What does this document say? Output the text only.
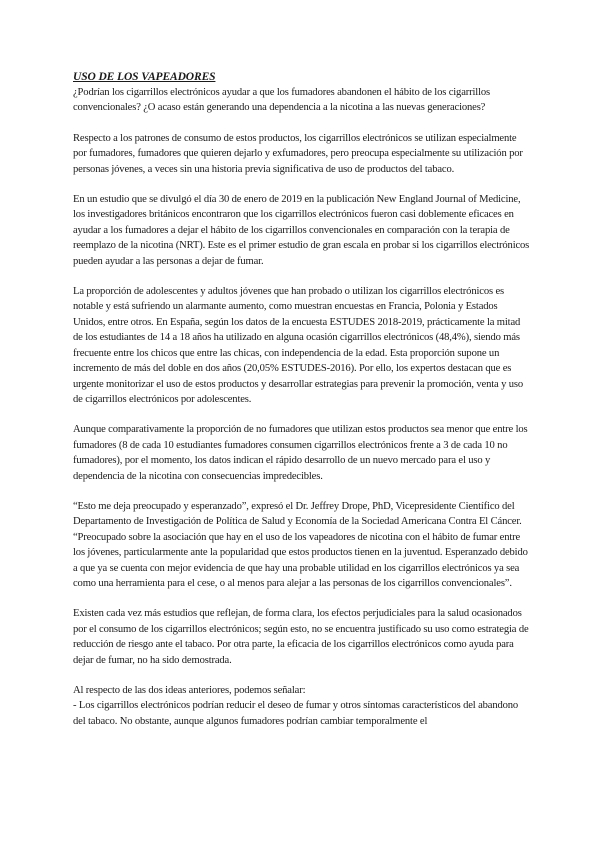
USO DE LOS VAPEADORES

¿Podrían los cigarrillos electrónicos ayudar a que los fumadores abandonen el hábito de los cigarrillos convencionales? ¿O acaso están generando una dependencia a la nicotina a las nuevas generaciones?

Respecto a los patrones de consumo de estos productos, los cigarrillos electrónicos se utilizan especialmente por fumadores, fumadores que quieren dejarlo y exfumadores, pero preocupa especialmente su utilización por personas jóvenes, a veces sin una historia previa significativa de uso de productos del tabaco.

En un estudio que se divulgó el día 30 de enero de 2019 en la publicación New England Journal of Medicine, los investigadores británicos encontraron que los cigarrillos electrónicos fueron casi doblemente eficaces en ayudar a los fumadores a dejar el hábito de los cigarrillos convencionales en comparación con la terapia de reemplazo de la nicotina (NRT). Este es el primer estudio de gran escala en probar si los cigarrillos electrónicos pueden ayudar a las personas a dejar de fumar.

La proporción de adolescentes y adultos jóvenes que han probado o utilizan los cigarrillos electrónicos es notable y está sufriendo un alarmante aumento, como muestran encuestas en Francia, Polonia y Estados Unidos, entre otros. En España, según los datos de la encuesta ESTUDES 2018-2019, prácticamente la mitad de los estudiantes de 14 a 18 años ha utilizado en alguna ocasión cigarrillos electrónicos (48,4%), siendo más frecuente entre los chicos que entre las chicas, con independencia de la edad. Esta proporción supone un incremento de más del doble en dos años (20,05% ESTUDES-2016). Por ello, los expertos destacan que es urgente monitorizar el uso de estos productos y desarrollar estrategias para prevenir la promoción, venta y uso de cigarrillos electrónicos por adolescentes.

Aunque comparativamente la proporción de no fumadores que utilizan estos productos sea menor que entre los fumadores (8 de cada 10 estudiantes fumadores consumen cigarrillos electrónicos frente a 3 de cada 10 no fumadores), por el momento, los datos indican el rápido desarrollo de un nuevo mercado para el uso y dependencia de la nicotina con consecuencias impredecibles.

“Esto me deja preocupado y esperanzado”, expresó el Dr. Jeffrey Drope, PhD, Vicepresidente Científico del Departamento de Investigación de Política de Salud y Economía de la Sociedad Americana Contra El Cáncer. “Preocupado sobre la asociación que hay en el uso de los vapeadores de nicotina con el hábito de fumar entre los jóvenes, particularmente ante la popularidad que estos productos tienen en la juventud. Esperanzado debido a que ya se cuenta con mejor evidencia de que hay una probable utilidad en los cigarrillos electrónicos ya sea como una herramienta para el cese, o al menos para alejar a las personas de los cigarrillos convencionales”.

Existen cada vez más estudios que reflejan, de forma clara, los efectos perjudiciales para la salud ocasionados por el consumo de los cigarrillos electrónicos; según esto, no se encuentra justificado su uso como estrategia de reducción de riesgo ante el tabaco. Por otra parte, la eficacia de los cigarrillos electrónicos como ayuda para dejar de fumar, no ha sido demostrada.

Al respecto de las dos ideas anteriores, podemos señalar:

- Los cigarrillos electrónicos podrían reducir el deseo de fumar y otros síntomas característicos del abandono del tabaco. No obstante, aunque algunos fumadores podrían cambiar temporalmente el
